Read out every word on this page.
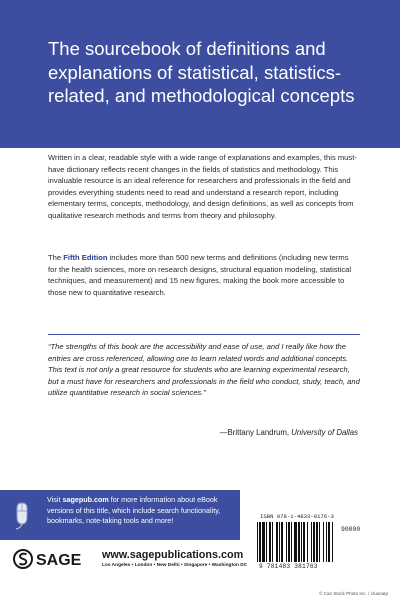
The sourcebook of definitions and explanations of statistical, statistics-related, and methodological concepts

Written in a clear, readable style with a wide range of explanations and examples, this must-have dictionary reflects recent changes in the fields of statistics and methodology. This invaluable resource is an ideal reference for researchers and professionals in the field and provides everything students need to read and understand a research report, including elementary terms, concepts, methodology, and design definitions, as well as concepts from qualitative research methods and terms from theory and philosophy.

The Fifth Edition includes more than 500 new terms and definitions (including new terms for the health sciences, more on research designs, structural equation modeling, statistical techniques, and measurement) and 15 new figures, making the book more accessible to those new to quantitative research.

“The strengths of this book are the accessibility and ease of use, and I really like how the entries are cross referenced, allowing one to learn related words and additional concepts. This text is not only a great resource for students who are learning experimental research, but a must have for researchers and professionals in the field who conduct, study, teach, and utilize quantitative research in social sciences.”

—Brittany Landrum, University of Dallas

Visit sagepub.com for more information about eBook versions of this title, which include search functionality, bookmarks, note-taking tools and more!	ISBN 978-1-4833-8176-3

90000

9 781483 381763

SAGE www.sagepublications.com

Los Angeles • London • New Delhi • Singapore • Washington DC

© Can Stock Photo Inc. / chainatp
